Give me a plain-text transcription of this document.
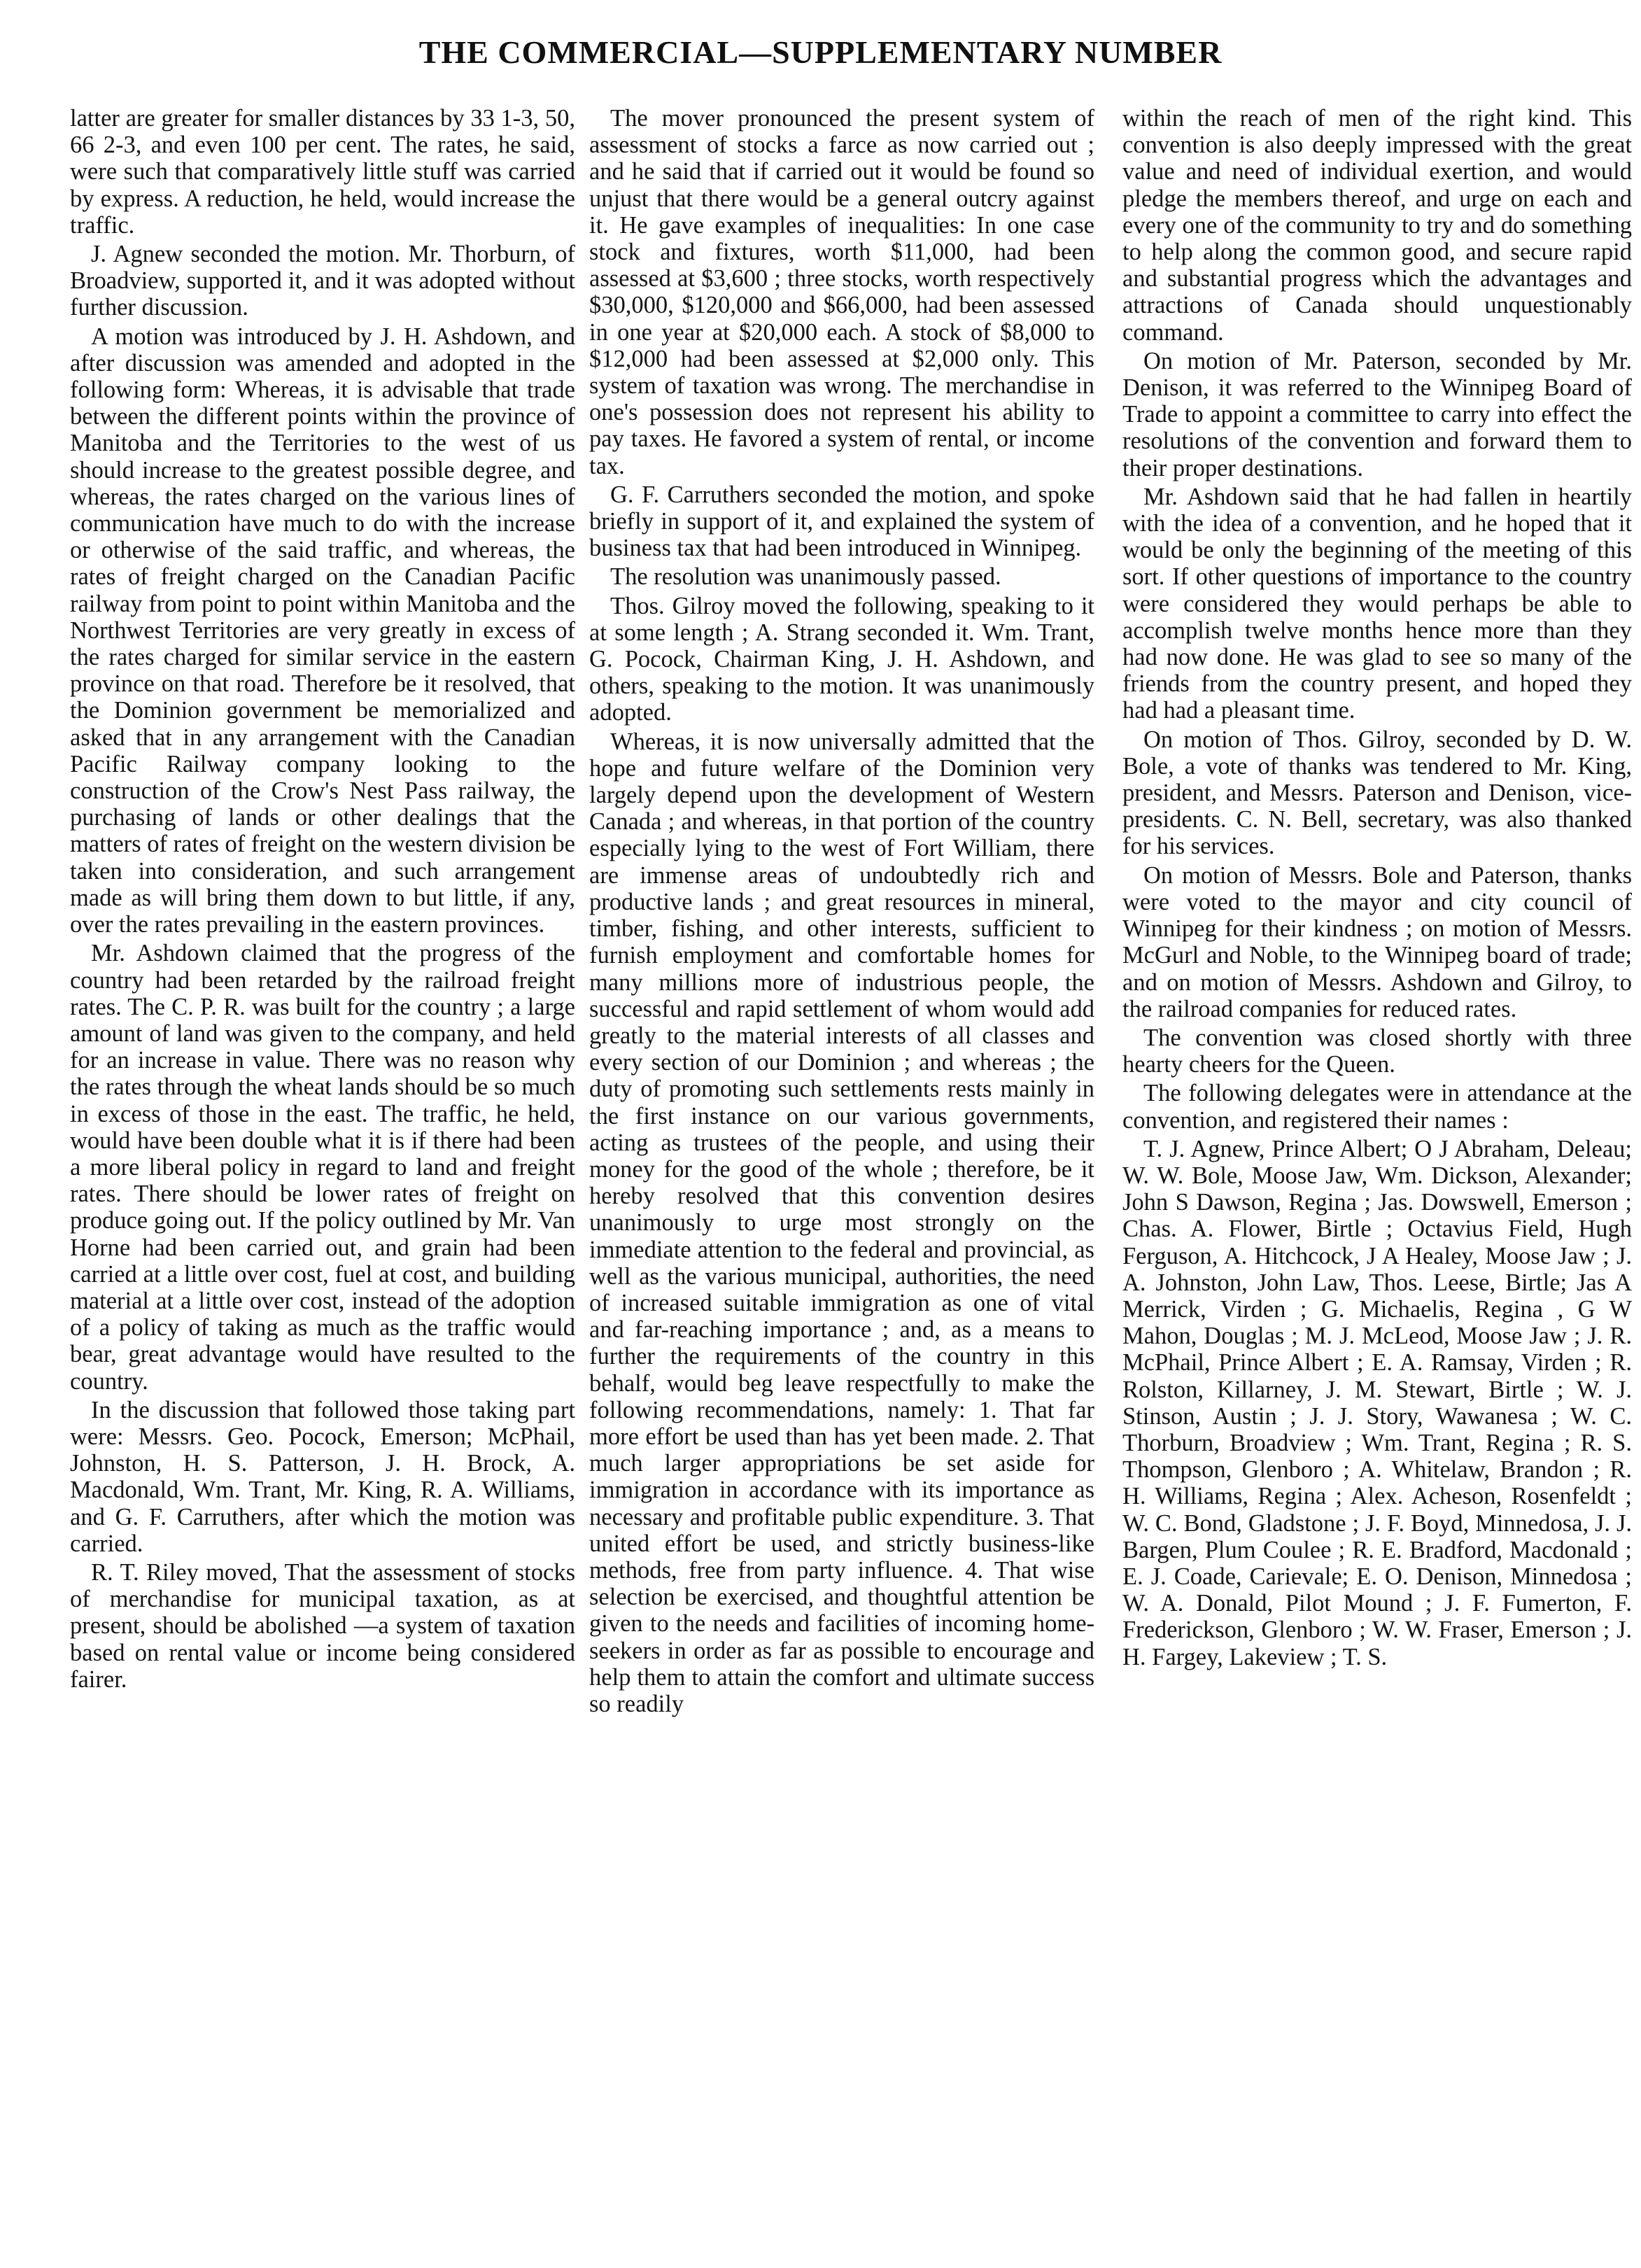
THE COMMERCIAL—SUPPLEMENTARY NUMBER

latter are greater for smaller distances by 33 1-3, 50, 66 2-3, and even 100 per cent. The rates, he said, were such that comparatively little stuff was carried by express. A reduction, he held, would increase the traffic.

J. Agnew seconded the motion. Mr. Thorburn, of Broadview, supported it, and it was adopted without further discussion.

A motion was introduced by J. H. Ashdown, and after discussion was amended and adopted in the following form: Whereas, it is advisable that trade between the different points within the province of Manitoba and the Territories to the west of us should increase to the greatest possible degree, and whereas, the rates charged on the various lines of communication have much to do with the increase or otherwise of the said traffic, and whereas, the rates of freight charged on the Canadian Pacific railway from point to point within Manitoba and the Northwest Territories are very greatly in excess of the rates charged for similar service in the eastern province on that road. Therefore be it resolved, that the Dominion government be memorialized and asked that in any arrangement with the Canadian Pacific Railway company looking to the construction of the Crow's Nest Pass railway, the purchasing of lands or other dealings that the matters of rates of freight on the western division be taken into consideration, and such arrangement made as will bring them down to but little, if any, over the rates prevailing in the eastern provinces.

Mr. Ashdown claimed that the progress of the country had been retarded by the railroad freight rates. The C. P. R. was built for the country ; a large amount of land was given to the company, and held for an increase in value. There was no reason why the rates through the wheat lands should be so much in excess of those in the east. The traffic, he held, would have been double what it is if there had been a more liberal policy in regard to land and freight rates. There should be lower rates of freight on produce going out. If the policy outlined by Mr. Van Horne had been carried out, and grain had been carried at a little over cost, fuel at cost, and building material at a little over cost, instead of the adoption of a policy of taking as much as the traffic would bear, great advantage would have resulted to the country.

In the discussion that followed those taking part were: Messrs. Geo. Pocock, Emerson; McPhail, Johnston, H. S. Patterson, J. H. Brock, A. Macdonald, Wm. Trant, Mr. King, R. A. Williams, and G. F. Carruthers, after which the motion was carried.

R. T. Riley moved, That the assessment of stocks of merchandise for municipal taxation, as at present, should be abolished —a system of taxation based on rental value or income being considered fairer.

The mover pronounced the present system of assessment of stocks a farce as now carried out ; and he said that if carried out it would be found so unjust that there would be a general outcry against it. He gave examples of inequalities: In one case stock and fixtures, worth $11,000, had been assessed at $3,600 ; three stocks, worth respectively $30,000, $120,000 and $66,000, had been assessed in one year at $20,000 each. A stock of $8,000 to $12,000 had been assessed at $2,000 only. This system of taxation was wrong. The merchandise in one's possession does not represent his ability to pay taxes. He favored a system of rental, or income tax.

G. F. Carruthers seconded the motion, and spoke briefly in support of it, and explained the system of business tax that had been introduced in Winnipeg.

The resolution was unanimously passed.

Thos. Gilroy moved the following, speaking to it at some length ; A. Strang seconded it. Wm. Trant, G. Pocock, Chairman King, J. H. Ashdown, and others, speaking to the motion. It was unanimously adopted.

Whereas, it is now universally admitted that the hope and future welfare of the Dominion very largely depend upon the development of Western Canada ; and whereas, in that portion of the country especially lying to the west of Fort William, there are immense areas of undoubtedly rich and productive lands ; and great resources in mineral, timber, fishing, and other interests, sufficient to furnish employment and comfortable homes for many millions more of industrious people, the successful and rapid settlement of whom would add greatly to the material interests of all classes and every section of our Dominion ; and whereas ; the duty of promoting such settlements rests mainly in the first instance on our various governments, acting as trustees of the people, and using their money for the good of the whole ; therefore, be it hereby resolved that this convention desires unanimously to urge most strongly on the immediate attention to the federal and provincial, as well as the various municipal, authorities, the need of increased suitable immigration as one of vital and far-reaching importance ; and, as a means to further the requirements of the country in this behalf, would beg leave respectfully to make the following recommendations, namely: 1. That far more effort be used than has yet been made. 2. That much larger appropriations be set aside for immigration in accordance with its importance as necessary and profitable public expenditure. 3. That united effort be used, and strictly business-like methods, free from party influence. 4. That wise selection be exercised, and thoughtful attention be given to the needs and facilities of incoming home-seekers in order as far as possible to encourage and help them to attain the comfort and ultimate success so readily

within the reach of men of the right kind. This convention is also deeply impressed with the great value and need of individual exertion, and would pledge the members thereof, and urge on each and every one of the community to try and do something to help along the common good, and secure rapid and substantial progress which the advantages and attractions of Canada should unquestionably command.

On motion of Mr. Paterson, seconded by Mr. Denison, it was referred to the Winnipeg Board of Trade to appoint a committee to carry into effect the resolutions of the convention and forward them to their proper destinations.

Mr. Ashdown said that he had fallen in heartily with the idea of a convention, and he hoped that it would be only the beginning of the meeting of this sort. If other questions of importance to the country were considered they would perhaps be able to accomplish twelve months hence more than they had now done. He was glad to see so many of the friends from the country present, and hoped they had had a pleasant time.

On motion of Thos. Gilroy, seconded by D. W. Bole, a vote of thanks was tendered to Mr. King, president, and Messrs. Paterson and Denison, vice-presidents. C. N. Bell, secretary, was also thanked for his services.

On motion of Messrs. Bole and Paterson, thanks were voted to the mayor and city council of Winnipeg for their kindness ; on motion of Messrs. McGurl and Noble, to the Winnipeg board of trade; and on motion of Messrs. Ashdown and Gilroy, to the railroad companies for reduced rates.

The convention was closed shortly with three hearty cheers for the Queen.

The following delegates were in attendance at the convention, and registered their names :

T. J. Agnew, Prince Albert; O J Abraham, Deleau; W. W. Bole, Moose Jaw, Wm. Dickson, Alexander; John S Dawson, Regina ; Jas. Dowswell, Emerson ; Chas. A. Flower, Birtle ; Octavius Field, Hugh Ferguson, A. Hitchcock, J A Healey, Moose Jaw ; J. A. Johnston, John Law, Thos. Leese, Birtle; Jas A Merrick, Virden ; G. Michaelis, Regina , G W Mahon, Douglas ; M. J. McLeod, Moose Jaw ; J. R. McPhail, Prince Albert ; E. A. Ramsay, Virden ; R. Rolston, Killarney, J. M. Stewart, Birtle ; W. J. Stinson, Austin ; J. J. Story, Wawanesa ; W. C. Thorburn, Broadview ; Wm. Trant, Regina ; R. S. Thompson, Glenboro ; A. Whitelaw, Brandon ; R. H. Williams, Regina ; Alex. Acheson, Rosenfeldt ; W. C. Bond, Gladstone ; J. F. Boyd, Minnedosa, J. J. Bargen, Plum Coulee ; R. E. Bradford, Macdonald ; E. J. Coade, Carievale; E. O. Denison, Minnedosa ; W. A. Donald, Pilot Mound ; J. F. Fumerton, F. Frederickson, Glenboro ; W. W. Fraser, Emerson ; J. H. Fargey, Lakeview ; T. S.
